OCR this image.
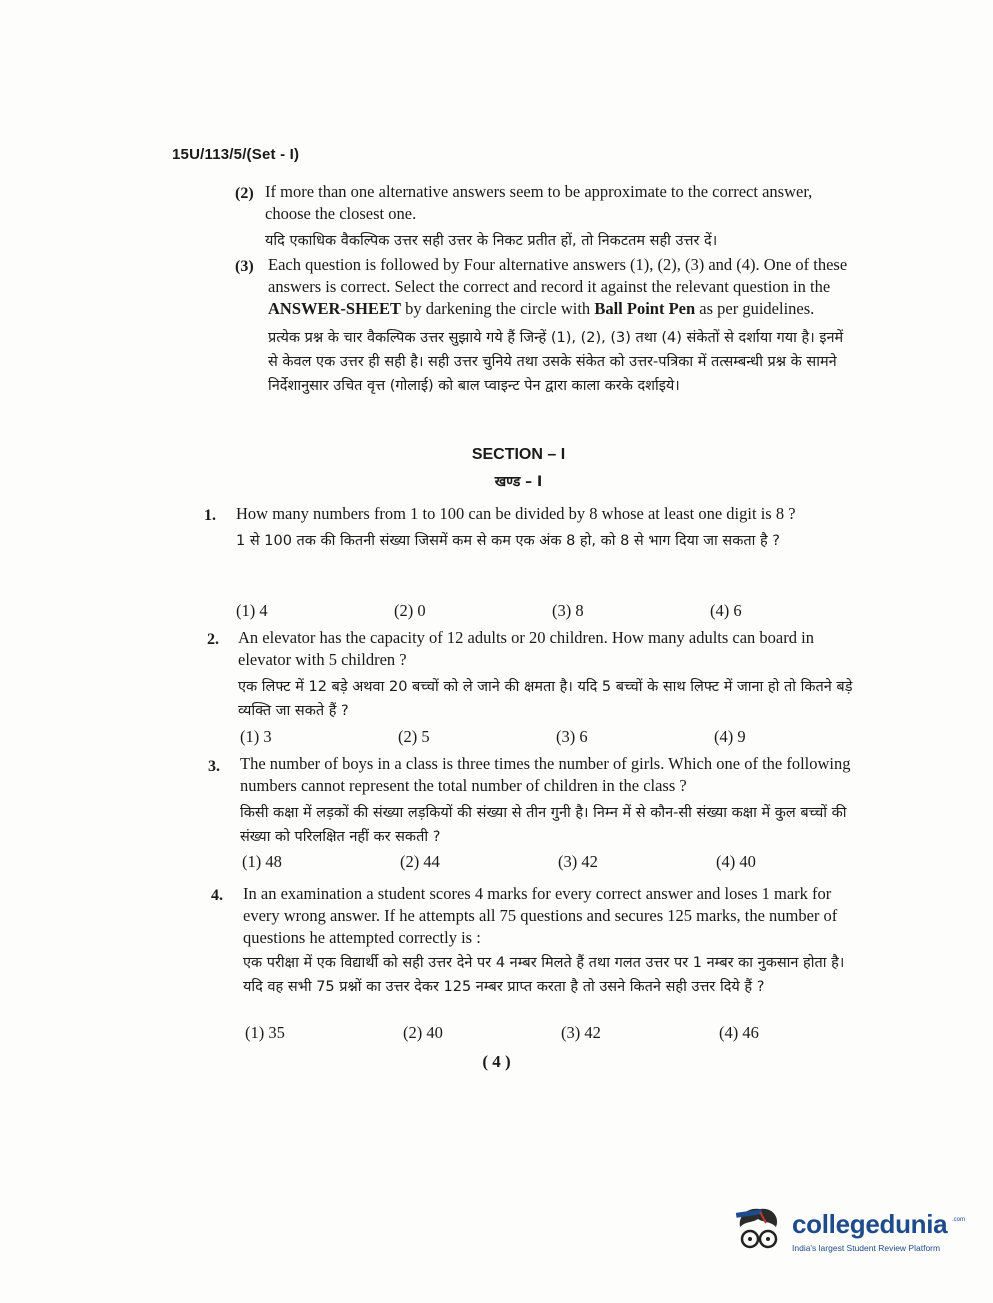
15U/113/5/(Set - I)
(2) If more than one alternative answers seem to be approximate to the correct answer, choose the closest one.
यदि एकाधिक वैकल्पिक उत्तर सही उत्तर के निकट प्रतीत हों, तो निकटतम सही उत्तर दें।
(3) Each question is followed by Four alternative answers (1), (2), (3) and (4). One of these answers is correct. Select the correct and record it against the relevant question in the ANSWER-SHEET by darkening the circle with Ball Point Pen as per guidelines.
प्रत्येक प्रश्न के चार वैकल्पिक उत्तर सुझाये गये हैं जिन्हें (1), (2), (3) तथा (4) संकेतों से दर्शाया गया है। इनमें से केवल एक उत्तर ही सही है। सही उत्तर चुनिये तथा उसके संकेत को उत्तर-पत्रिका में तत्सम्बन्धी प्रश्न के सामने निर्देशानुसार उचित वृत्त (गोलाई) को बाल प्वाइन्ट पेन द्वारा काला करके दर्शाइये।
SECTION – I
खण्ड – I
1. How many numbers from 1 to 100 can be divided by 8 whose at least one digit is 8 ?
1 से 100 तक की कितनी संख्या जिसमें कम से कम एक अंक 8 हो, को 8 से भाग दिया जा सकता है ?
(1) 4	(2) 0	(3) 8	(4) 6
2. An elevator has the capacity of 12 adults or 20 children. How many adults can board in elevator with 5 children ?
एक लिफ्ट में 12 बड़े अथवा 20 बच्चों को ले जाने की क्षमता है। यदि 5 बच्चों के साथ लिफ्ट में जाना हो तो कितने बड़े व्यक्ति जा सकते हैं ?
(1) 3	(2) 5	(3) 6	(4) 9
3. The number of boys in a class is three times the number of girls. Which one of the following numbers cannot represent the total number of children in the class ?
किसी कक्षा में लड़कों की संख्या लड़कियों की संख्या से तीन गुनी है। निम्न में से कौन-सी संख्या कक्षा में कुल बच्चों की संख्या को परिलक्षित नहीं कर सकती ?
(1) 48	(2) 44	(3) 42	(4) 40
4. In an examination a student scores 4 marks for every correct answer and loses 1 mark for every wrong answer. If he attempts all 75 questions and secures 125 marks, the number of questions he attempted correctly is :
एक परीक्षा में एक विद्यार्थी को सही उत्तर देने पर 4 नम्बर मिलते हैं तथा गलत उत्तर पर 1 नम्बर का नुकसान होता है। यदि वह सभी 75 प्रश्नों का उत्तर देकर 125 नम्बर प्राप्त करता है तो उसने कितने सही उत्तर दिये हैं ?
(1) 35	(2) 40	(3) 42	(4) 46
( 4 )
collegedunia .com
India's largest Student Review Platform
